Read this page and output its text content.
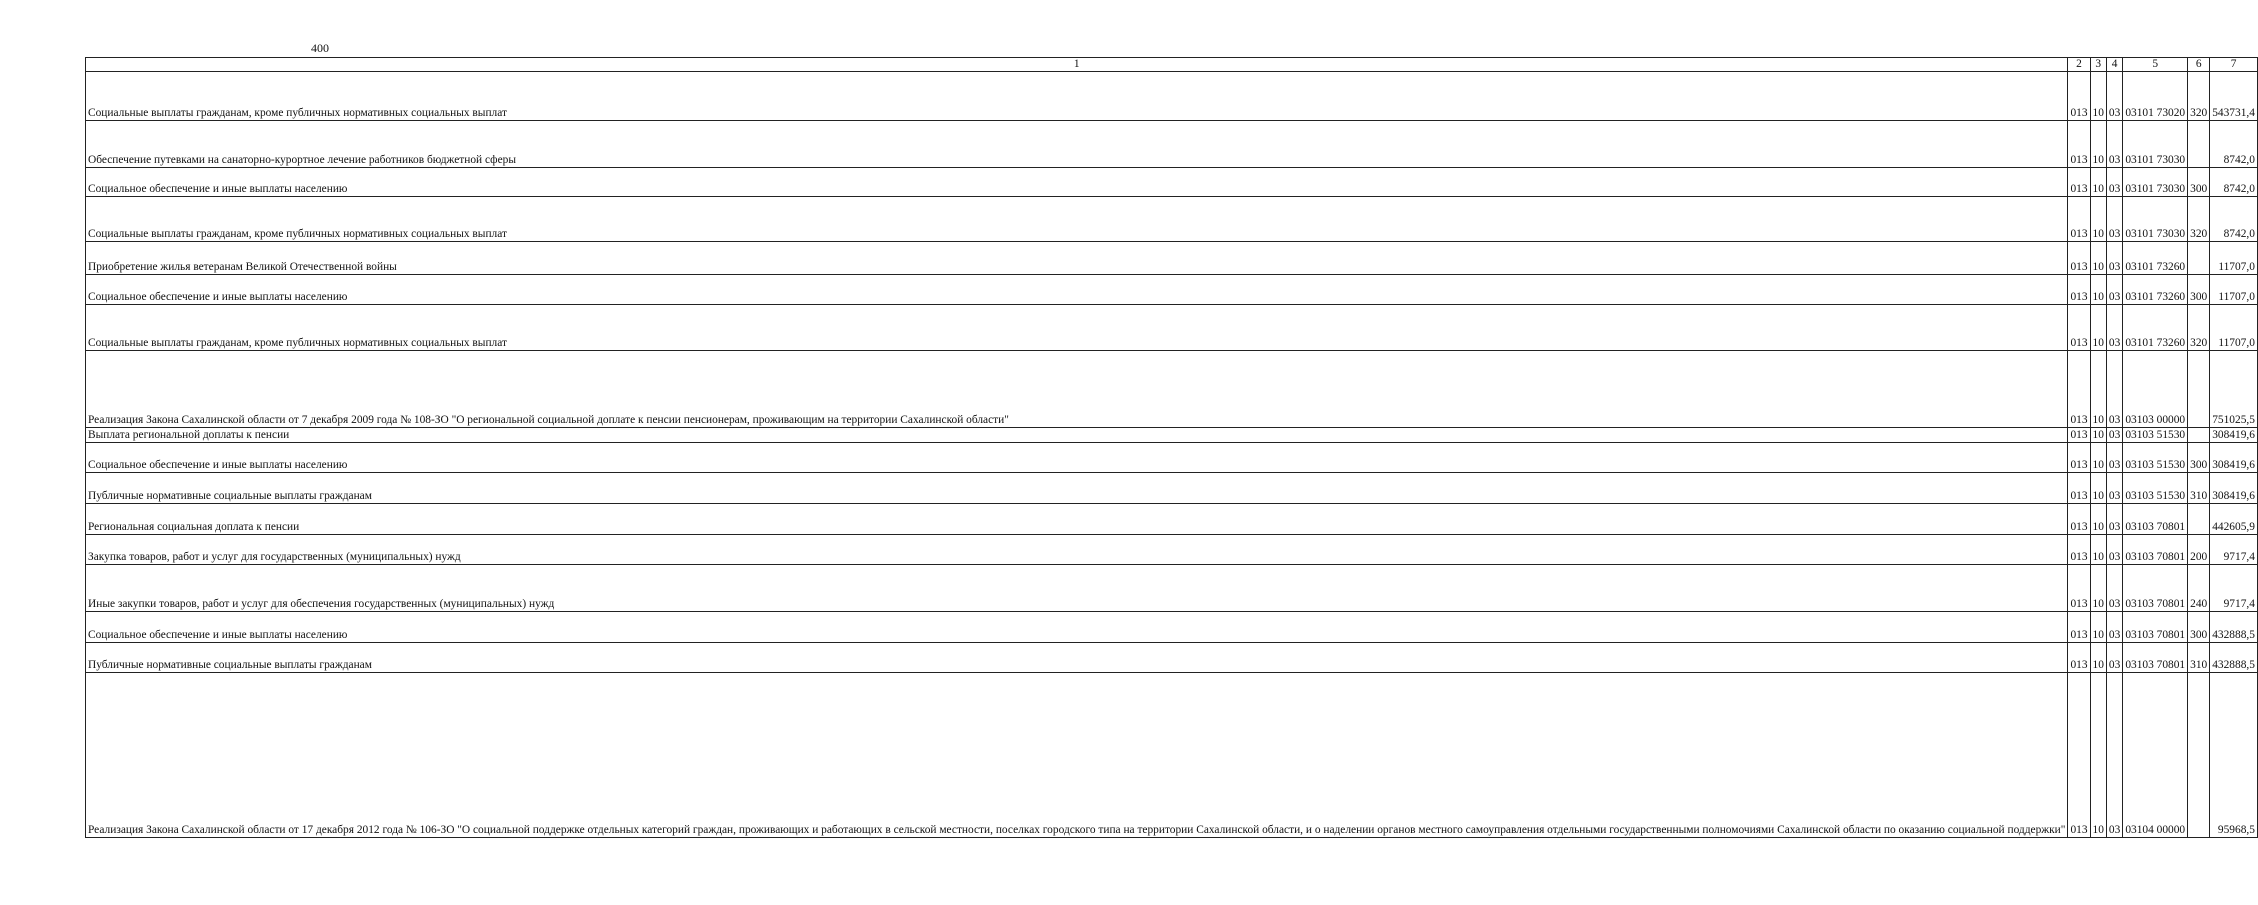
400
1	2	3	4	5	6	7
Социальные выплаты гражданам, кроме публичных нормативных социальных выплат	013	10	03	03101 73020	320	543731,4
Обеспечение путевками на санаторно-курортное лечение работников бюджетной сферы	013	10	03	03101 73030		8742,0
Социальное обеспечение и иные выплаты населению	013	10	03	03101 73030	300	8742,0
Социальные выплаты гражданам, кроме публичных нормативных социальных выплат	013	10	03	03101 73030	320	8742,0
Приобретение жилья ветеранам Великой Отечественной войны	013	10	03	03101 73260		11707,0
Социальное обеспечение и иные выплаты населению	013	10	03	03101 73260	300	11707,0
Социальные выплаты гражданам, кроме публичных нормативных социальных выплат	013	10	03	03101 73260	320	11707,0
Реализация Закона Сахалинской области от 7 декабря 2009 года № 108-ЗО "О региональной социальной доплате к пенсии пенсионерам, проживающим на территории Сахалинской области"	013	10	03	03103 00000		751025,5
Выплата региональной доплаты к пенсии	013	10	03	03103 51530		308419,6
Социальное обеспечение и иные выплаты населению	013	10	03	03103 51530	300	308419,6
Публичные нормативные социальные выплаты гражданам	013	10	03	03103 51530	310	308419,6
Региональная социальная доплата к пенсии	013	10	03	03103 70801		442605,9
Закупка товаров, работ и услуг для государственных (муниципальных) нужд	013	10	03	03103 70801	200	9717,4
Иные закупки товаров, работ и услуг для обеспечения государственных (муниципальных) нужд	013	10	03	03103 70801	240	9717,4
Социальное обеспечение и иные выплаты населению	013	10	03	03103 70801	300	432888,5
Публичные нормативные социальные выплаты гражданам	013	10	03	03103 70801	310	432888,5
Реализация Закона Сахалинской области от 17 декабря 2012 года № 106-ЗО "О социальной поддержке отдельных категорий граждан, проживающих и работающих в сельской местности, поселках городского типа на территории Сахалинской области, и о наделении органов местного самоуправления отдельными государственными полномочиями Сахалинской области по оказанию социальной поддержки"	013	10	03	03104 00000		95968,5
